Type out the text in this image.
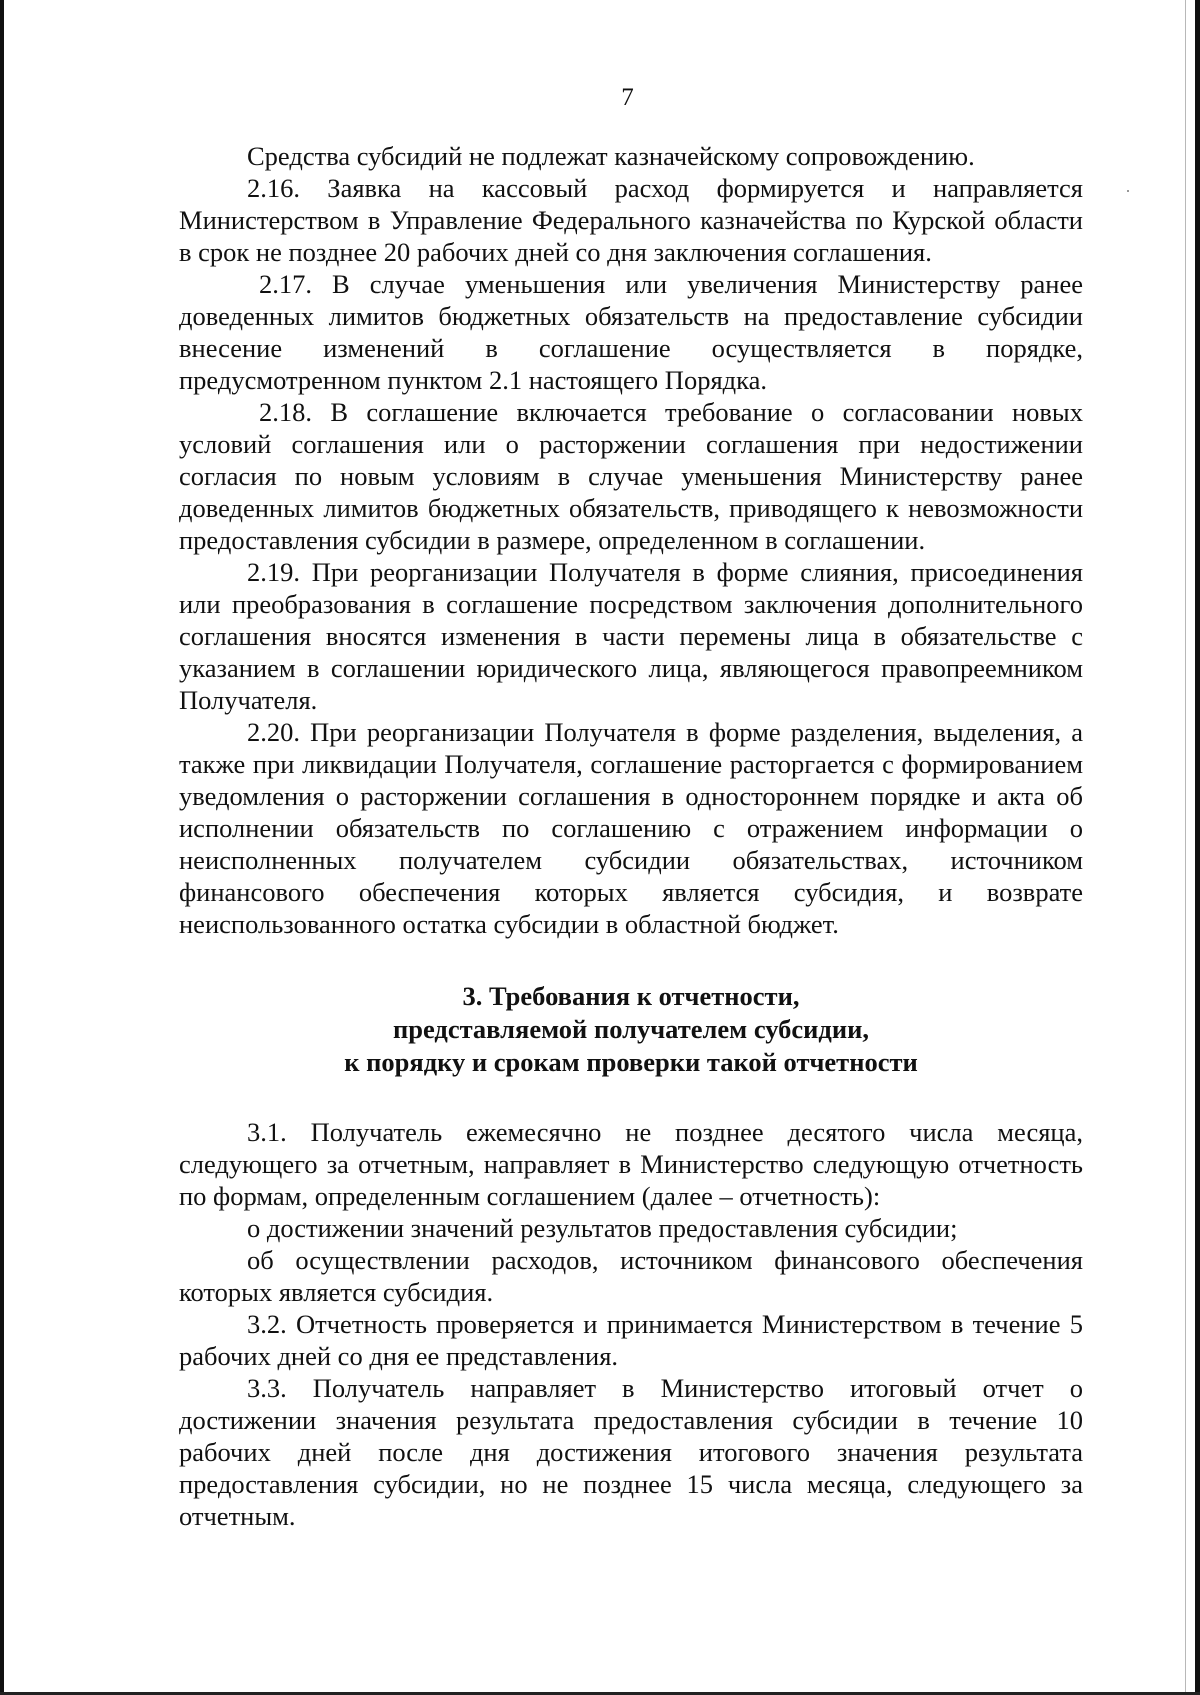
7

Средства субсидий не подлежат казначейскому сопровождению.

2.16. Заявка на кассовый расход формируется и направляется Министерством в Управление Федерального казначейства по Курской области в срок не позднее 20 рабочих дней со дня заключения соглашения.

2.17. В случае уменьшения или увеличения Министерству ранее доведенных лимитов бюджетных обязательств на предоставление субсидии внесение изменений в соглашение осуществляется в порядке, предусмотренном пунктом 2.1 настоящего Порядка.

2.18. В соглашение включается требование о согласовании новых условий соглашения или о расторжении соглашения при недостижении согласия по новым условиям в случае уменьшения Министерству ранее доведенных лимитов бюджетных обязательств, приводящего к невозможности предоставления субсидии в размере, определенном в соглашении.

2.19. При реорганизации Получателя в форме слияния, присоединения или преобразования в соглашение посредством заключения дополнительного соглашения вносятся изменения в части перемены лица в обязательстве с указанием в соглашении юридического лица, являющегося правопреемником Получателя.

2.20. При реорганизации Получателя в форме разделения, выделения, а также при ликвидации Получателя, соглашение расторгается с формированием уведомления о расторжении соглашения в одностороннем порядке и акта об исполнении обязательств по соглашению с отражением информации о неисполненных получателем субсидии обязательствах, источником финансового обеспечения которых является субсидия, и возврате неиспользованного остатка субсидии в областной бюджет.

3. Требования к отчетности,
представляемой получателем субсидии,
к порядку и срокам проверки такой отчетности

3.1. Получатель ежемесячно не позднее десятого числа месяца, следующего за отчетным, направляет в Министерство следующую отчетность по формам, определенным соглашением (далее – отчетность):

о достижении значений результатов предоставления субсидии;

об осуществлении расходов, источником финансового обеспечения которых является субсидия.

3.2. Отчетность проверяется и принимается Министерством в течение 5 рабочих дней со дня ее представления.

3.3. Получатель направляет в Министерство итоговый отчет о достижении значения результата предоставления субсидии в течение 10 рабочих дней после дня достижения итогового значения результата предоставления субсидии, но не позднее 15 числа месяца, следующего за отчетным.
